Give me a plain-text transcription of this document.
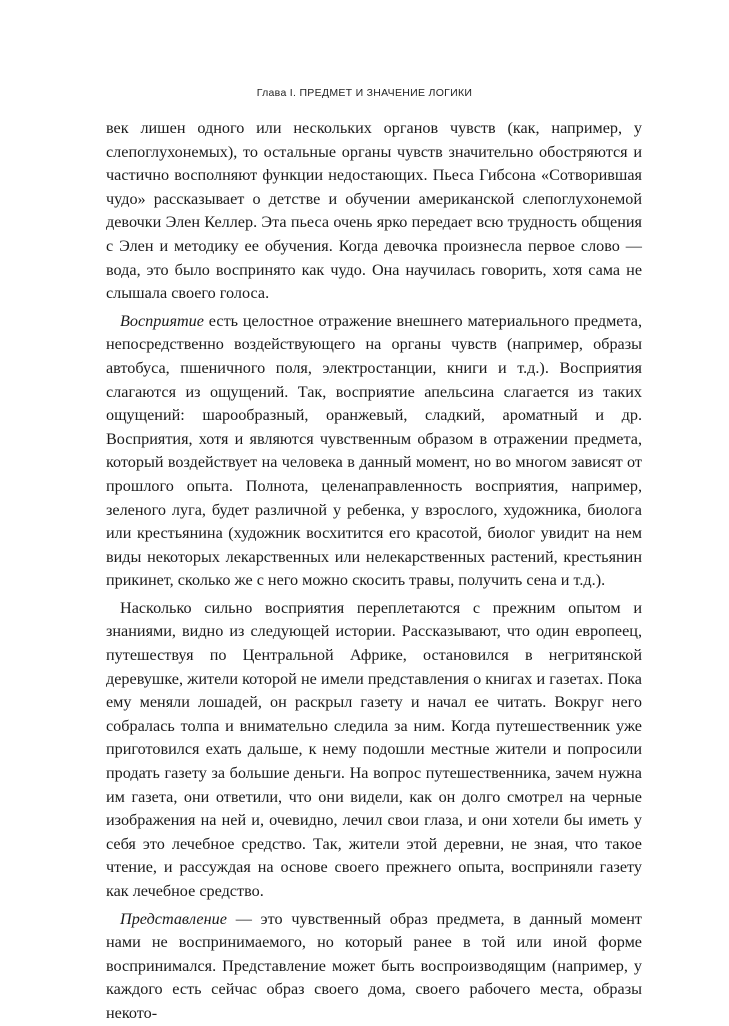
Глава I. ПРЕДМЕТ И ЗНАЧЕНИЕ ЛОГИКИ

век лишен одного или нескольких органов чувств (как, например, у слепоглухонемых), то остальные органы чувств значительно обостряются и частично восполняют функции недостающих. Пьеса Гибсона «Сотворившая чудо» рассказывает о детстве и обучении американской слепоглухонемой девочки Элен Келлер. Эта пьеса очень ярко передает всю трудность общения с Элен и методику ее обучения. Когда девочка произнесла первое слово — вода, это было воспринято как чудо. Она научилась говорить, хотя сама не слышала своего голоса.

Восприятие есть целостное отражение внешнего материального предмета, непосредственно воздействующего на органы чувств (например, образы автобуса, пшеничного поля, электростанции, книги и т.д.). Восприятия слагаются из ощущений. Так, восприятие апельсина слагается из таких ощущений: шарообразный, оранжевый, сладкий, ароматный и др. Восприятия, хотя и являются чувственным образом в отражении предмета, который воздействует на человека в данный момент, но во многом зависят от прошлого опыта. Полнота, целенаправленность восприятия, например, зеленого луга, будет различной у ребенка, у взрослого, художника, биолога или крестьянина (художник восхитится его красотой, биолог увидит на нем виды некоторых лекарственных или нелекарственных растений, крестьянин прикинет, сколько же с него можно скосить травы, получить сена и т.д.).

Насколько сильно восприятия переплетаются с прежним опытом и знаниями, видно из следующей истории. Рассказывают, что один европеец, путешествуя по Центральной Африке, остановился в негритянской деревушке, жители которой не имели представления о книгах и газетах. Пока ему меняли лошадей, он раскрыл газету и начал ее читать. Вокруг него собралась толпа и внимательно следила за ним. Когда путешественник уже приготовился ехать дальше, к нему подошли местные жители и попросили продать газету за большие деньги. На вопрос путешественника, зачем нужна им газета, они ответили, что они видели, как он долго смотрел на черные изображения на ней и, очевидно, лечил свои глаза, и они хотели бы иметь у себя это лечебное средство. Так, жители этой деревни, не зная, что такое чтение, и рассуждая на основе своего прежнего опыта, восприняли газету как лечебное средство.

Представление — это чувственный образ предмета, в данный момент нами не воспринимаемого, но который ранее в той или иной форме воспринимался. Представление может быть воспроизводящим (например, у каждого есть сейчас образ своего дома, своего рабочего места, образы некото-
